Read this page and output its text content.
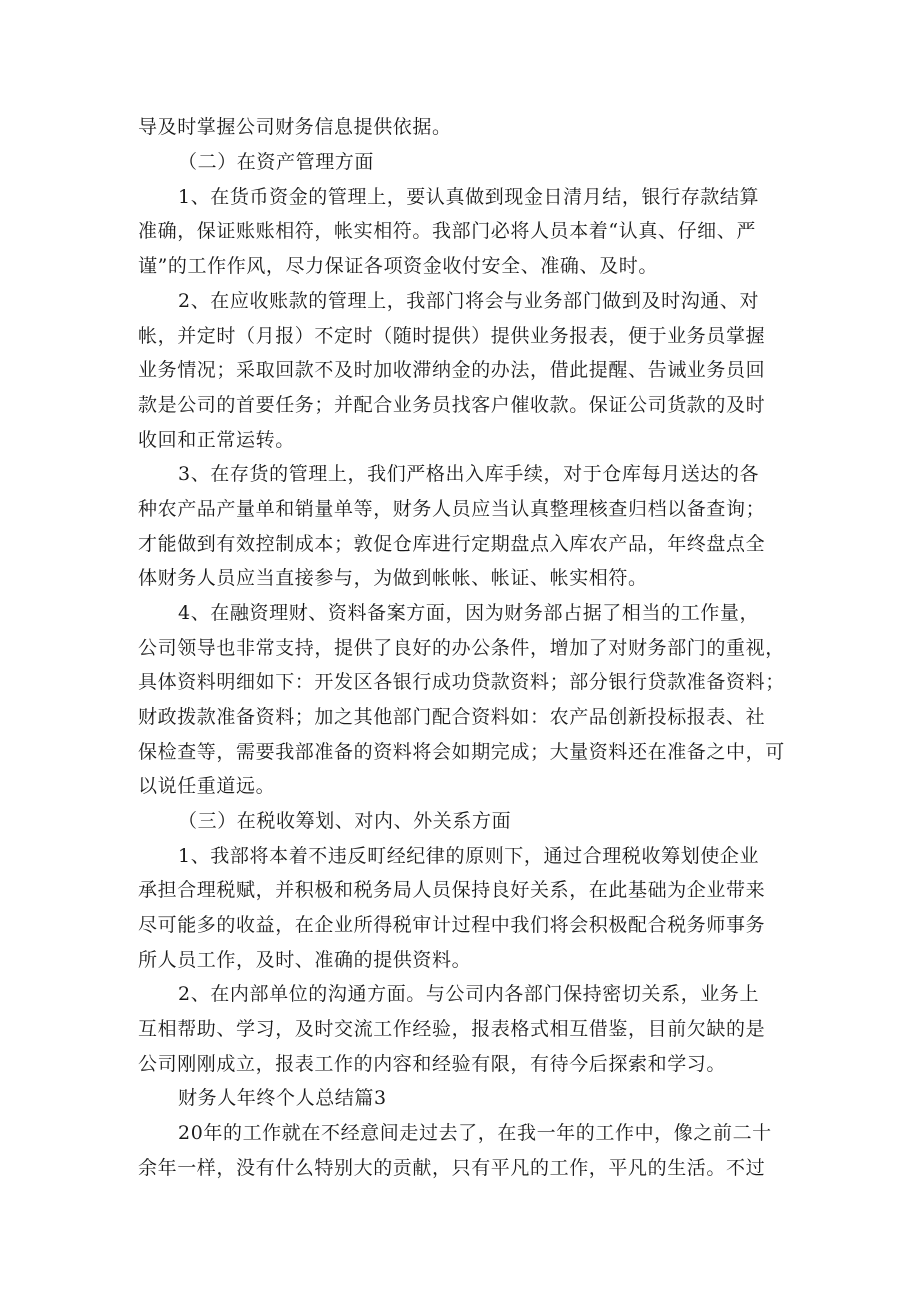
导及时掌握公司财务信息提供依据。
（二）在资产管理方面
1、在货币资金的管理上，要认真做到现金日清月结，银行存款结算
准确，保证账账相符，帐实相符。我部门必将人员本着“认真、仔细、严
谨”的工作作风，尽力保证各项资金收付安全、准确、及时。
2、在应收账款的管理上，我部门将会与业务部门做到及时沟通、对
帐，并定时（月报）不定时（随时提供）提供业务报表，便于业务员掌握
业务情况；采取回款不及时加收滞纳金的办法，借此提醒、告诫业务员回
款是公司的首要任务；并配合业务员找客户催收款。保证公司货款的及时
收回和正常运转。
3、在存货的管理上，我们严格出入库手续，对于仓库每月送达的各
种农产品产量单和销量单等，财务人员应当认真整理核查归档以备查询；
才能做到有效控制成本；敦促仓库进行定期盘点入库农产品，年终盘点全
体财务人员应当直接参与，为做到帐帐、帐证、帐实相符。
4、在融资理财、资料备案方面，因为财务部占据了相当的工作量，
公司领导也非常支持，提供了良好的办公条件，增加了对财务部门的重视，
具体资料明细如下：开发区各银行成功贷款资料；部分银行贷款准备资料；
财政拨款准备资料；加之其他部门配合资料如：农产品创新投标报表、社
保检查等，需要我部准备的资料将会如期完成；大量资料还在准备之中，可
以说任重道远。
（三）在税收筹划、对内、外关系方面
1、我部将本着不违反町经纪律的原则下，通过合理税收筹划使企业
承担合理税赋，并积极和税务局人员保持良好关系，在此基础为企业带来
尽可能多的收益，在企业所得税审计过程中我们将会积极配合税务师事务
所人员工作，及时、准确的提供资料。
2、在内部单位的沟通方面。与公司内各部门保持密切关系，业务上
互相帮助、学习，及时交流工作经验，报表格式相互借鉴，目前欠缺的是
公司刚刚成立，报表工作的内容和经验有限，有待今后探索和学习。
财务人年终个人总结篇3
20年的工作就在不经意间走过去了，在我一年的工作中，像之前二十
余年一样，没有什么特别大的贡献，只有平凡的工作，平凡的生活。不过
